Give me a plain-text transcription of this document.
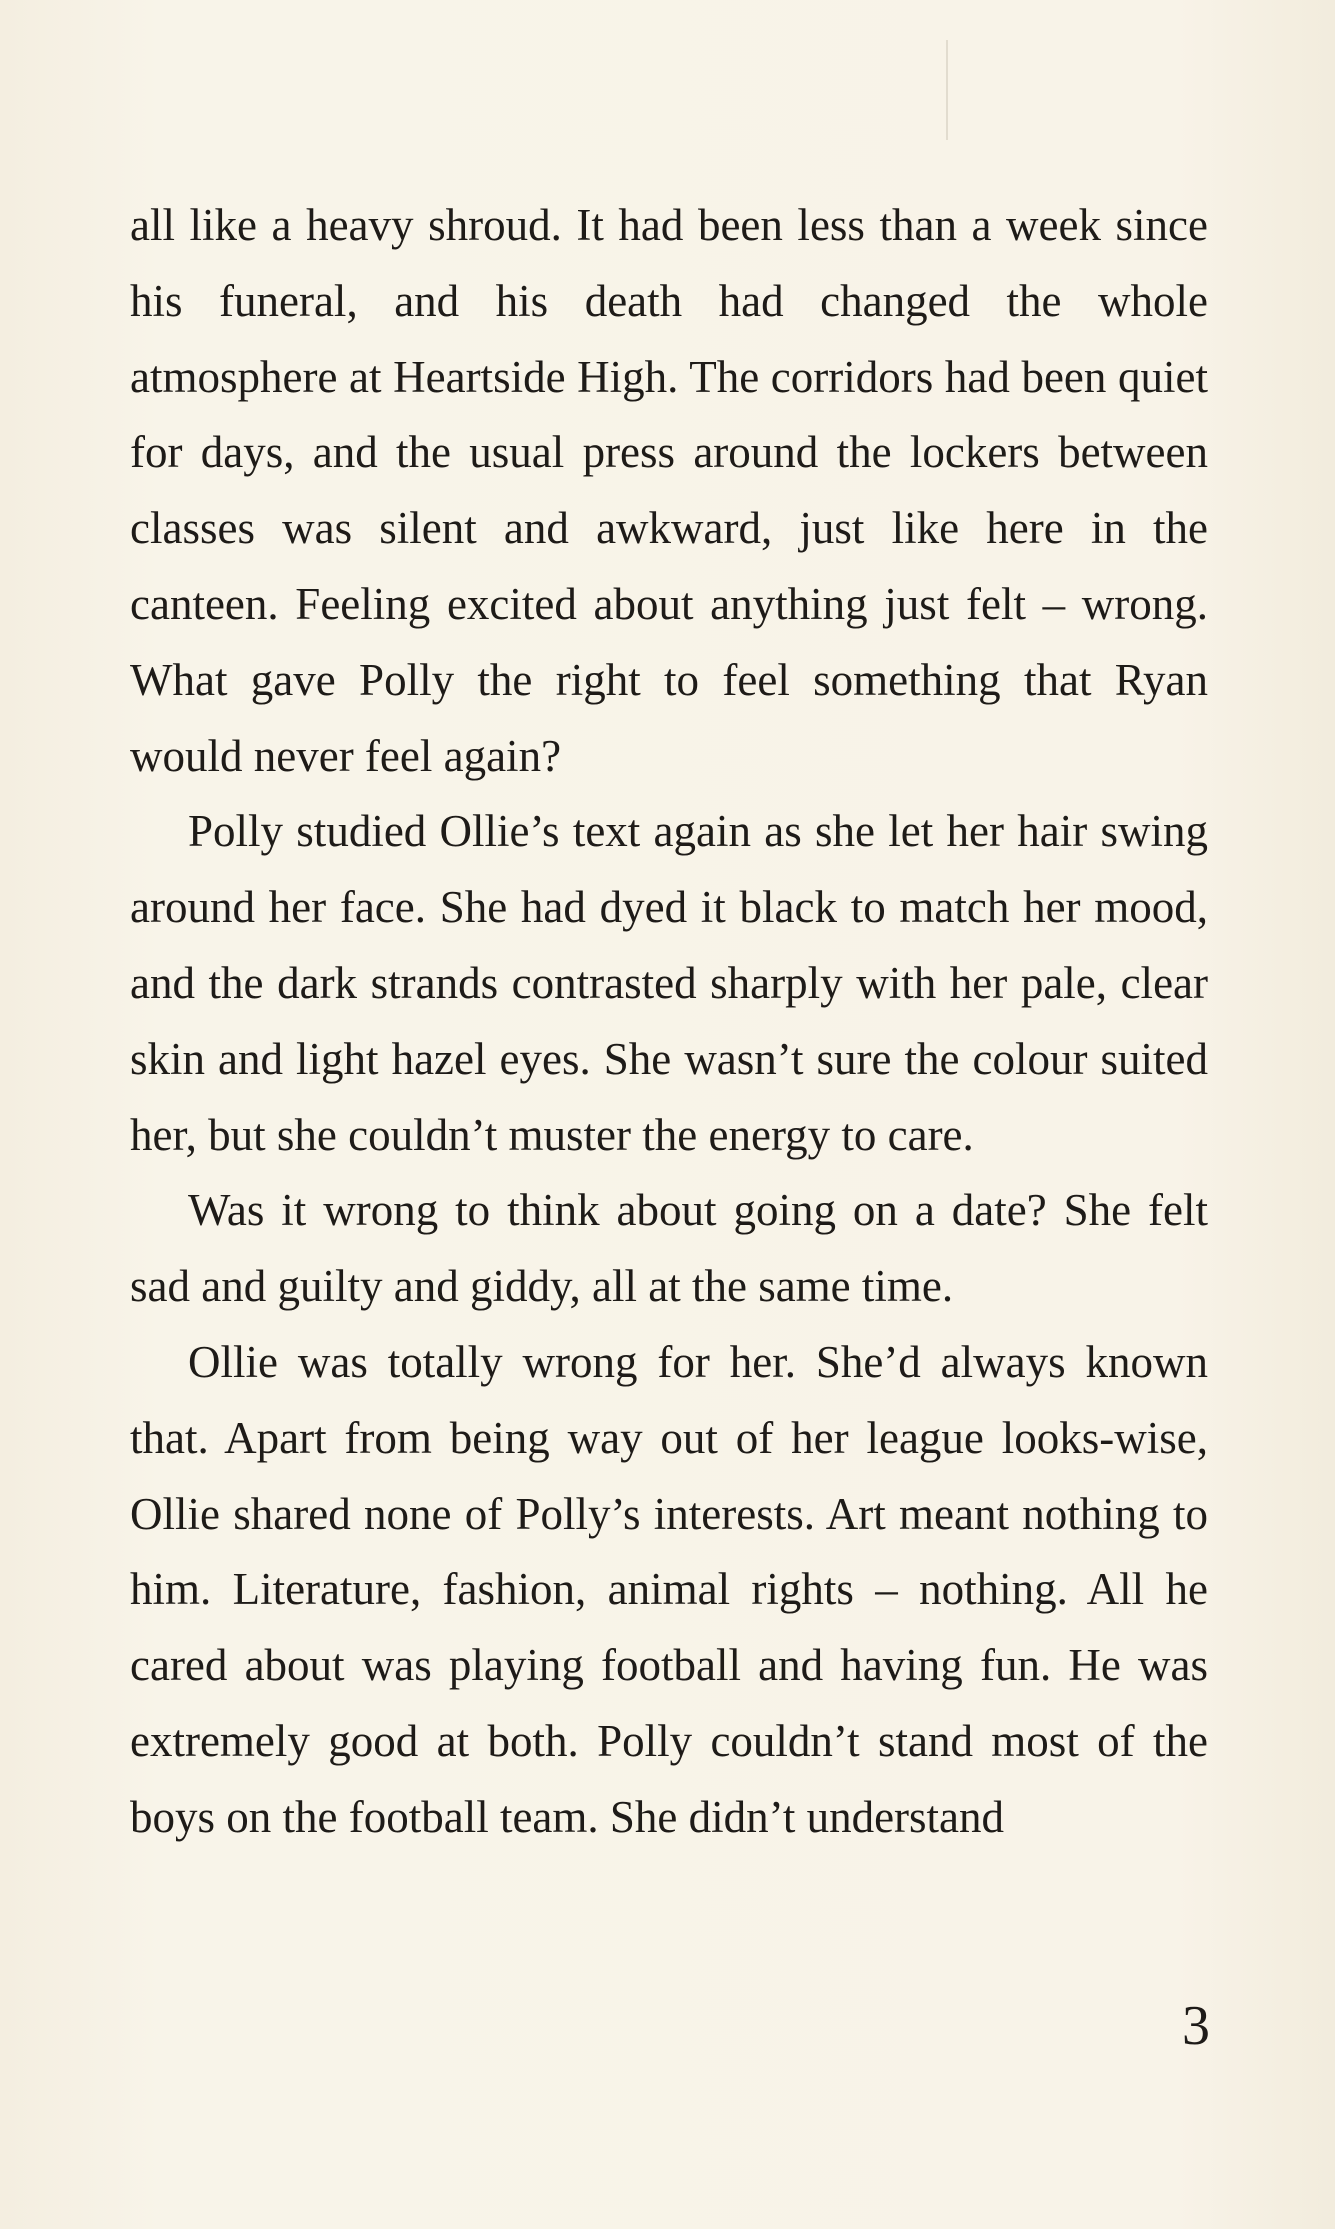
all like a heavy shroud. It had been less than a week since his funeral, and his death had changed the whole atmosphere at Heartside High. The corridors had been quiet for days, and the usual press around the lockers between classes was silent and awkward, just like here in the canteen. Feeling excited about anything just felt – wrong. What gave Polly the right to feel something that Ryan would never feel again?

Polly studied Ollie’s text again as she let her hair swing around her face. She had dyed it black to match her mood, and the dark strands contrasted sharply with her pale, clear skin and light hazel eyes. She wasn’t sure the colour suited her, but she couldn’t muster the energy to care.

Was it wrong to think about going on a date? She felt sad and guilty and giddy, all at the same time.

Ollie was totally wrong for her. She’d always known that. Apart from being way out of her league looks-wise, Ollie shared none of Polly’s interests. Art meant nothing to him. Literature, fashion, animal rights – nothing. All he cared about was playing football and having fun. He was extremely good at both. Polly couldn’t stand most of the boys on the football team. She didn’t understand

3
